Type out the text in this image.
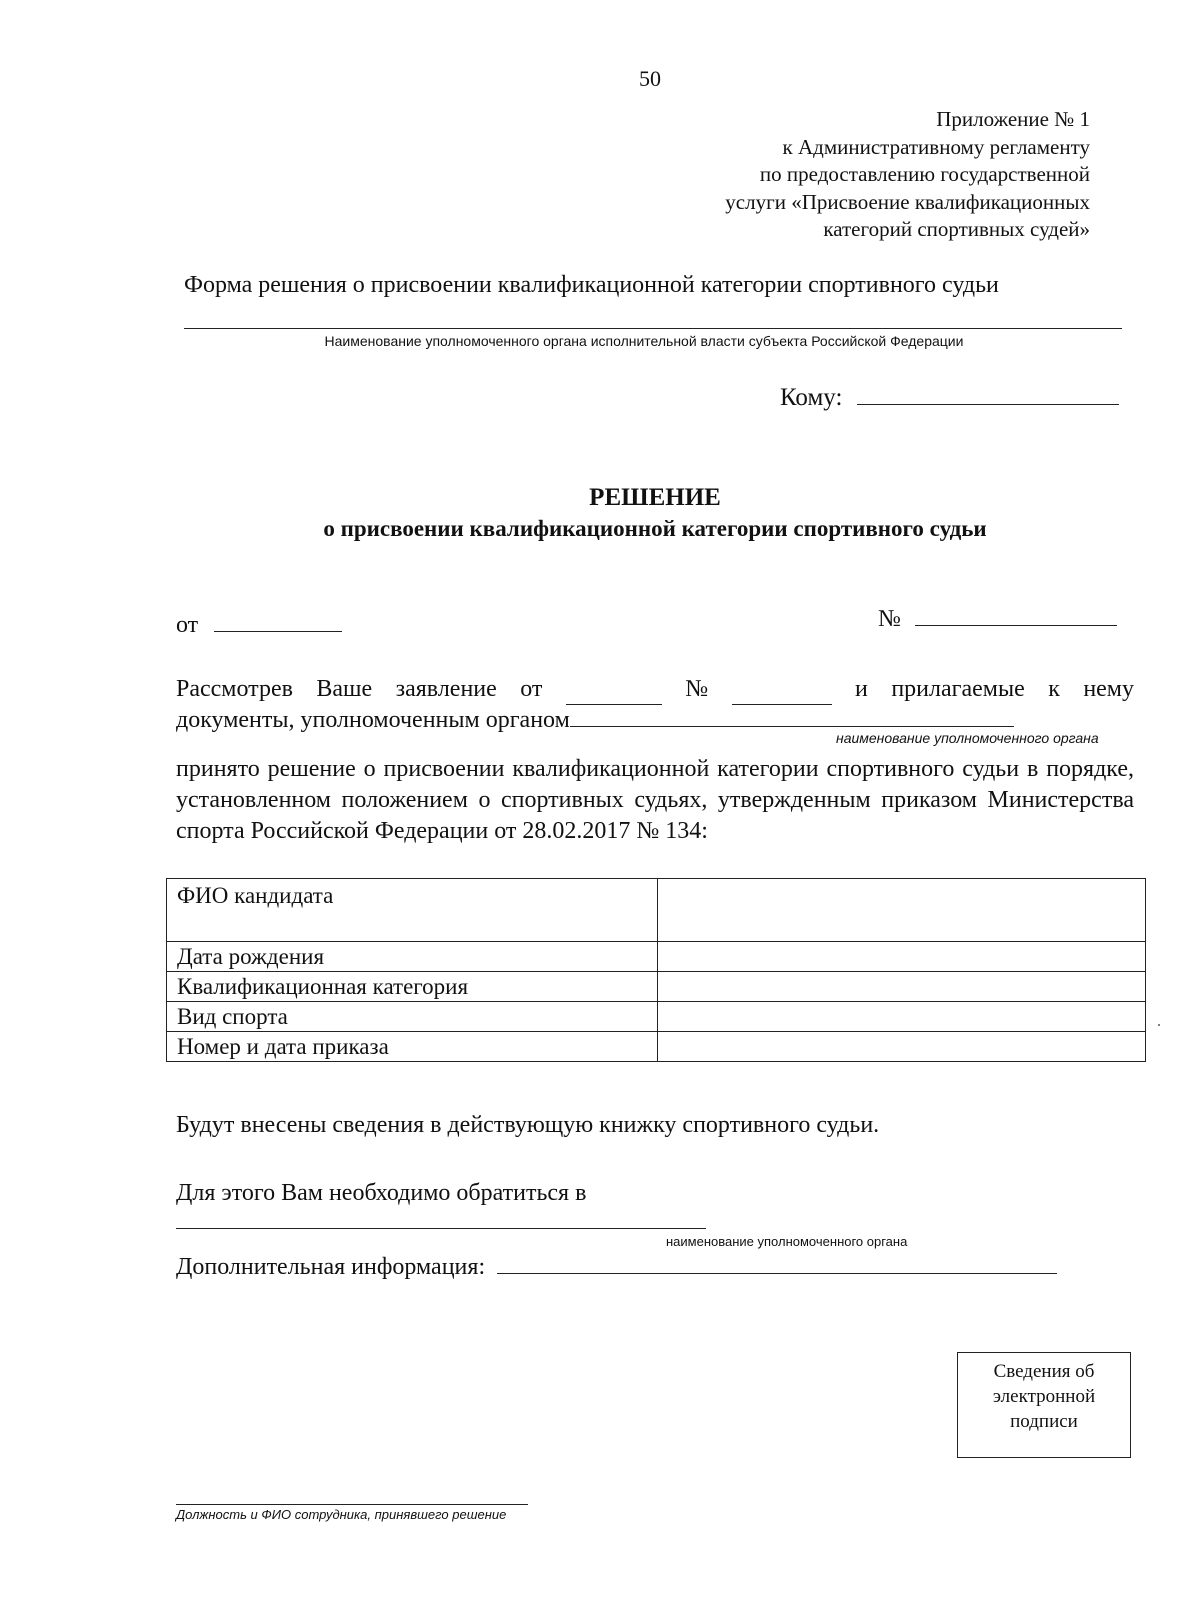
50
Приложение № 1
к Административному регламенту
по предоставлению государственной
услуги «Присвоение квалификационных
категорий спортивных судей»
Форма решения о присвоении квалификационной категории спортивного судьи
Наименование уполномоченного органа исполнительной власти субъекта Российской Федерации
Кому:
РЕШЕНИЕ
о присвоении квалификационной категории спортивного судьи
от	№
Рассмотрев Ваше заявление от	№	и прилагаемые к нему
документы, уполномоченным органом
наименование уполномоченного органа
принято решение о присвоении квалификационной категории спортивного судьи в порядке, установленном положением о спортивных судьях, утвержденным приказом Министерства спорта Российской Федерации от 28.02.2017 № 134:
ФИО кандидата	
Дата рождения	
Квалификационная категория	
Вид спорта	
Номер и дата приказа	
Будут внесены сведения в действующую книжку спортивного судьи.
Для этого Вам необходимо обратиться в
наименование уполномоченного органа
Дополнительная информация:
Сведения об
электронной
подписи
Должность и ФИО сотрудника, принявшего решение
